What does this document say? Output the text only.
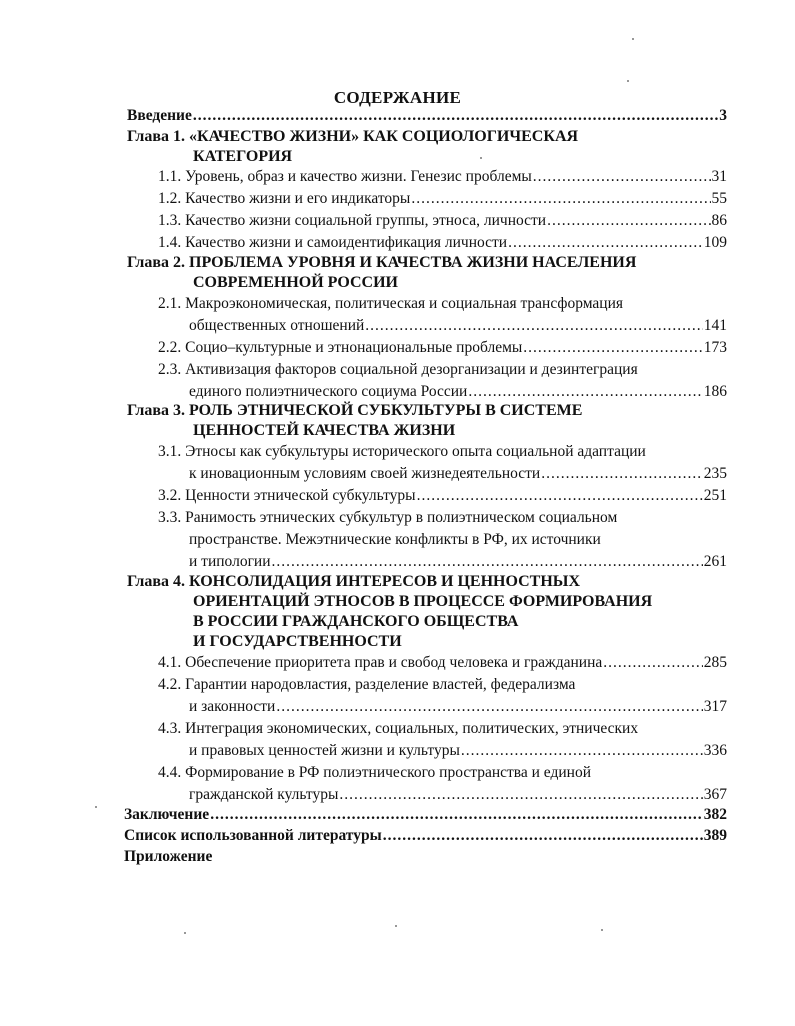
СОДЕРЖАНИЕ
Введение .....	3
Глава 1. «КАЧЕСТВО ЖИЗНИ» КАК СОЦИОЛОГИЧЕСКАЯ
КАТЕГОРИЯ
1.1. Уровень, образ и качество жизни. Генезис проблемы .....	31
1.2. Качество жизни и его индикаторы .....	55
1.3. Качество жизни социальной группы, этноса, личности .....	86
1.4. Качество жизни и самоидентификация личности .....	109
Глава 2. ПРОБЛЕМА УРОВНЯ И КАЧЕСТВА ЖИЗНИ НАСЕЛЕНИЯ
СОВРЕМЕННОЙ РОССИИ
2.1. Макроэкономическая, политическая и социальная трансформация
общественных отношений .....	141
2.2. Социо–культурные и этнонациональные проблемы .....	173
2.3. Активизация факторов социальной дезорганизации и дезинтеграция
единого полиэтнического социума России .....	186
Глава 3. РОЛЬ ЭТНИЧЕСКОЙ СУБКУЛЬТУРЫ В СИСТЕМЕ
ЦЕННОСТЕЙ КАЧЕСТВА ЖИЗНИ
3.1. Этносы как субкультуры исторического опыта социальной адаптации
к иновационным условиям своей жизнедеятельности .....	235
3.2. Ценности этнической субкультуры .....	251
3.3. Ранимость этнических субкультур в полиэтническом социальном
пространстве. Межэтнические конфликты в РФ, их источники
и типологии .....	261
Глава 4. КОНСОЛИДАЦИЯ ИНТЕРЕСОВ И ЦЕННОСТНЫХ
ОРИЕНТАЦИЙ ЭТНОСОВ В ПРОЦЕССЕ ФОРМИРОВАНИЯ
В РОССИИ ГРАЖДАНСКОГО ОБЩЕСТВА
И ГОСУДАРСТВЕННОСТИ
4.1. Обеспечение приоритета прав и свобод человека и гражданина .....	285
4.2. Гарантии народовластия, разделение властей, федерализма
и законности .....	317
4.3. Интеграция экономических, социальных, политических, этнических
и правовых ценностей жизни и культуры .....	336
4.4. Формирование в РФ полиэтнического пространства и единой
гражданской культуры .....	367
Заключение .....	382
Список использованной литературы .....	389
Приложение
